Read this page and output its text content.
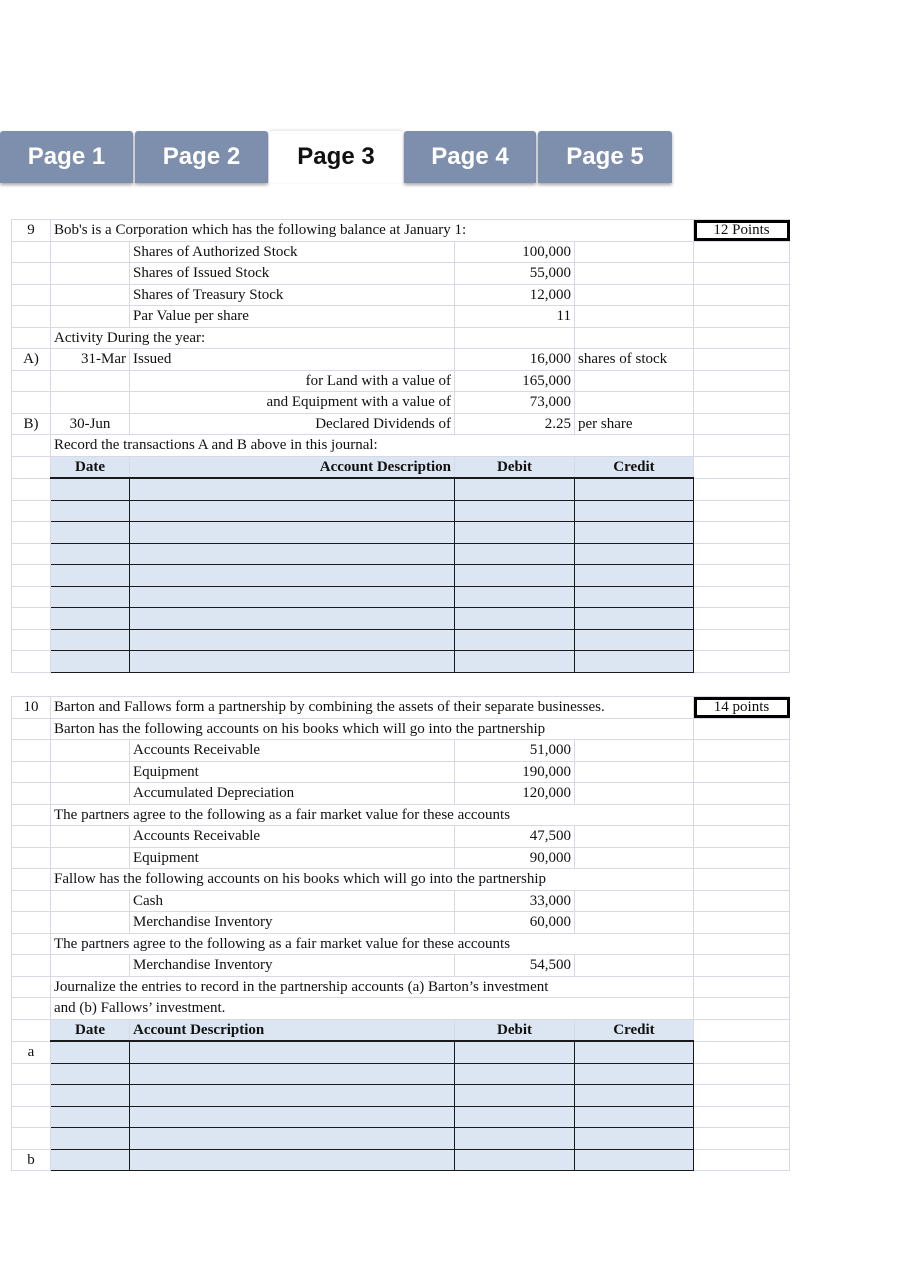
Page 1	Page 2	Page 3	Page 4	Page 5
9	Bob's is a Corporation which has the following balance at January 1:				12 Points
		Shares of Authorized Stock	100,000		
		Shares of Issued Stock	55,000		
		Shares of Treasury Stock	12,000		
		Par Value per share	11		
	Activity During the year:				
A)	31-Mar	Issued	16,000	shares of stock	
		for Land with a value of	165,000		
		and Equipment with a value of	73,000		
B)	30-Jun	Declared Dividends of	2.25	per share	
	Record the transactions A and B above in this journal:				
	Date	Account Description	Debit	Credit	

10	Barton and Fallows form a partnership by combining the assets of their separate businesses.				14 points
	Barton has the following accounts on his books which will go into the partnership				
		Accounts Receivable	51,000		
		Equipment	190,000		
		Accumulated Depreciation	120,000		
	The partners agree to the following as a fair market value for these accounts				
		Accounts Receivable	47,500		
		Equipment	90,000		
	Fallow has the following accounts on his books which will go into the partnership				
		Cash	33,000		
		Merchandise Inventory	60,000		
	The partners agree to the following as a fair market value for these accounts				
		Merchandise Inventory	54,500		
	Journalize the entries to record in the partnership accounts (a) Barton’s investment				
	and (b) Fallows’ investment.				
	Date	Account Description	Debit	Credit	
a					

b					
